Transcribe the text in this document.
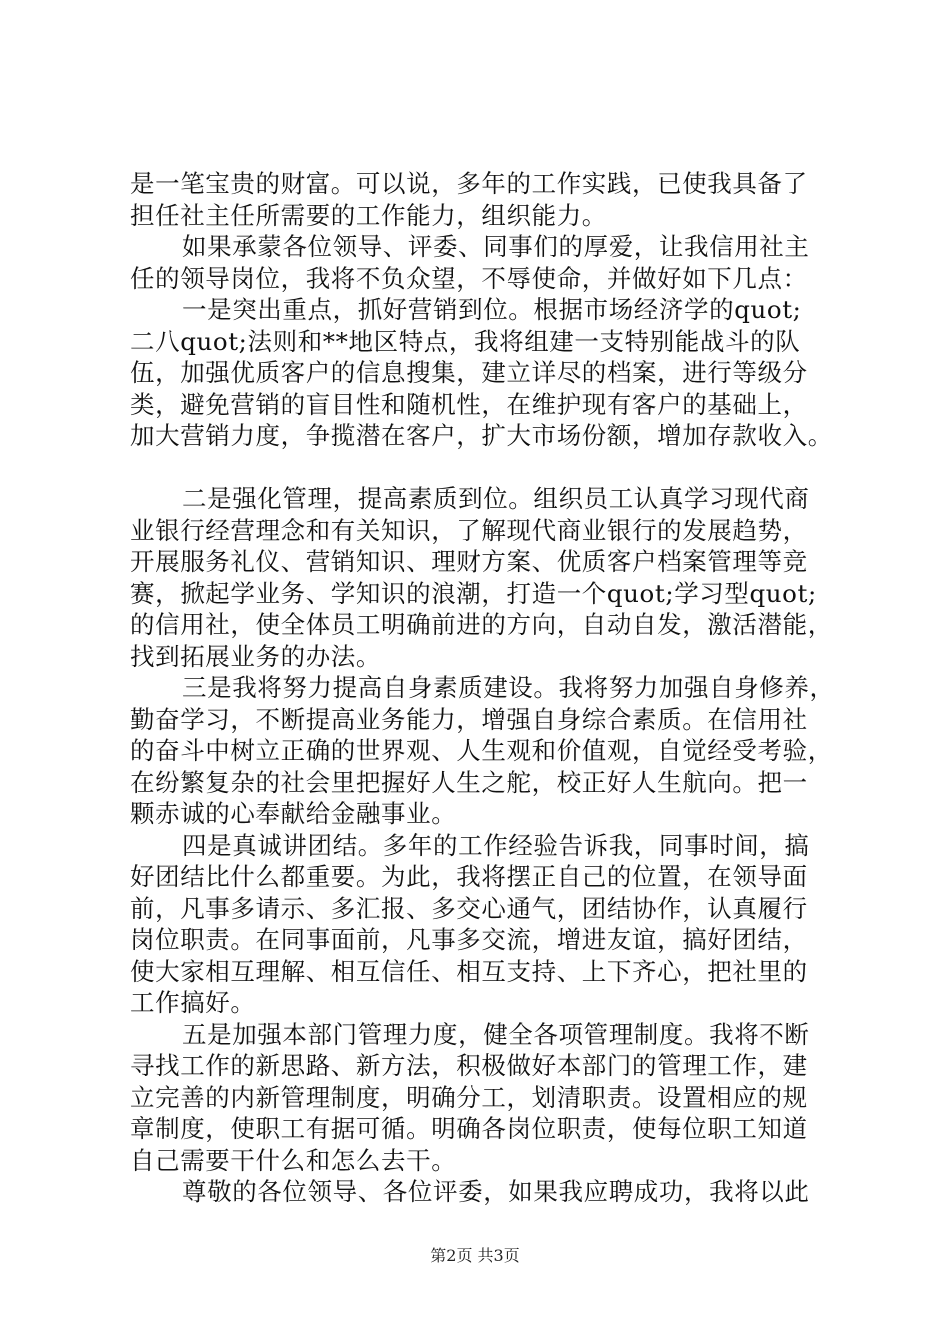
是一笔宝贵的财富。可以说，多年的工作实践，已使我具备了
担任社主任所需要的工作能力，组织能力。
如果承蒙各位领导、评委、同事们的厚爱，让我信用社主
任的领导岗位，我将不负众望，不辱使命，并做好如下几点：
一是突出重点，抓好营销到位。根据市场经济学的quot;
二八quot;法则和**地区特点，我将组建一支特别能战斗的队
伍，加强优质客户的信息搜集，建立详尽的档案，进行等级分
类，避免营销的盲目性和随机性，在维护现有客户的基础上，
加大营销力度，争揽潜在客户，扩大市场份额，增加存款收入。
二是强化管理，提高素质到位。组织员工认真学习现代商
业银行经营理念和有关知识，了解现代商业银行的发展趋势，
开展服务礼仪、营销知识、理财方案、优质客户档案管理等竞
赛，掀起学业务、学知识的浪潮，打造一个quot;学习型quot;
的信用社，使全体员工明确前进的方向，自动自发，激活潜能，
找到拓展业务的办法。
三是我将努力提高自身素质建设。我将努力加强自身修养，
勤奋学习，不断提高业务能力，增强自身综合素质。在信用社
的奋斗中树立正确的世界观、人生观和价值观，自觉经受考验，
在纷繁复杂的社会里把握好人生之舵，校正好人生航向。把一
颗赤诚的心奉献给金融事业。
四是真诚讲团结。多年的工作经验告诉我，同事时间，搞
好团结比什么都重要。为此，我将摆正自己的位置，在领导面
前，凡事多请示、多汇报、多交心通气，团结协作，认真履行
岗位职责。在同事面前，凡事多交流，增进友谊，搞好团结，
使大家相互理解、相互信任、相互支持、上下齐心，把社里的
工作搞好。
五是加强本部门管理力度，健全各项管理制度。我将不断
寻找工作的新思路、新方法，积极做好本部门的管理工作，建
立完善的内新管理制度，明确分工，划清职责。设置相应的规
章制度，使职工有据可循。明确各岗位职责，使每位职工知道
自己需要干什么和怎么去干。
尊敬的各位领导、各位评委，如果我应聘成功，我将以此
第2页 共3页
